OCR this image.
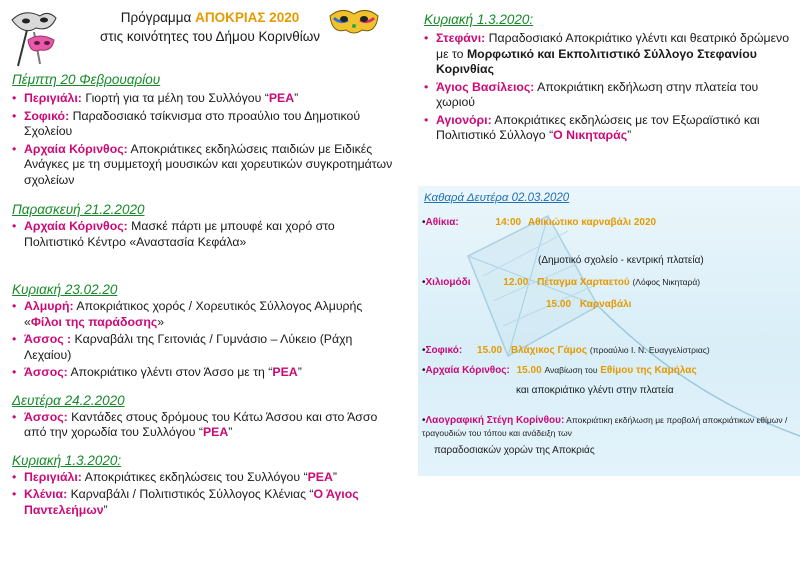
Πρόγραμμα ΑΠΟΚΡΙΑΣ 2020
στις κοινότητες του Δήμου Κορινθίων
Πέμπτη 20 Φεβρουαρίου
• Περιγιάλι: Γιορτή για τα μέλη του Συλλόγου “ΡΕΑ”
• Σοφικό: Παραδοσιακό τσίκνισμα στο προαύλιο του Δημοτικού Σχολείου
• Αρχαία Κόρινθος: Αποκριάτικες εκδηλώσεις παιδιών με Ειδικές Ανάγκες με τη συμμετοχή μουσικών και χορευτικών συγκροτημάτων σχολείων
Παρασκευή 21.2.2020
• Αρχαία Κόρινθος: Μασκέ πάρτι με μπουφέ και χορό στο Πολιτιστικό Κέντρο «Αναστασία Κεφάλα»
Κυριακή 23.02.20
• Αλμυρή: Αποκριάτικος χορός / Χορευτικός Σύλλογος Αλμυρής «Φίλοι της παράδοσης»
• Άσσος : Καρναβάλι της Γειτονιάς / Γυμνάσιο – Λύκειο (Ράχη Λεχαίου)
• Άσσος: Αποκριάτικο γλέντι στον Άσσο με τη “ΡΕΑ”
Δευτέρα 24.2.2020
• Άσσος: Καντάδες στους δρόμους του Κάτω Άσσου και στο Άσσο από την χορωδία του Συλλόγου “ΡΕΑ”
Κυριακή 1.3.2020:
• Περιγιάλι: Αποκριάτικες εκδηλώσεις του Συλλόγου “ΡΕΑ”
• Κλένια: Καρναβάλι / Πολιτιστικός Σύλλογος Κλένιας “Ο Άγιος Παντελεήμων”
Κυριακή 1.3.2020:
• Στεφάνι: Παραδοσιακό Αποκριάτικο γλέντι και θεατρικό δρώμενο με το Μορφωτικό και Εκπολιτιστικό Σύλλογο Στεφανίου Κορινθίας
• Άγιος Βασίλειος: Αποκριάτικη εκδήλωση στην πλατεία του χωριού
• Αγιονόρι: Αποκριάτικες εκδηλώσεις με τον Εξωραϊστικό και Πολιτιστικό Σύλλογο “Ο Νικηταράς”
Καθαρά Δευτέρα 02.03.2020
•Αθίκια:	14:00 Αθικιώτικο καρναβάλι 2020
(Δημοτικό σχολείο - κεντρική πλατεία)
•Χιλιομόδι	12.00 Πέταγμα Χαρταετού (Λόφος Νικηταρά)
15.00 Καρναβάλι
•Σοφικό: 15.00 Βλάχικος Γάμος (προαύλιο Ι. Ν. Ευαγγελίστριας)
•Αρχαία Κόρινθος: 15.00 Αναβίωση του Εθίμου της Καμήλας
και αποκριάτικο γλέντι στην πλατεία
•Λαογραφική Στέγη Κορίνθου: Αποκριάτικη εκδήλωση με προβολή αποκριάτικων εθίμων /τραγουδιών του τόπου και ανάδειξη των
παραδοσιακών χορών της Αποκριάς
